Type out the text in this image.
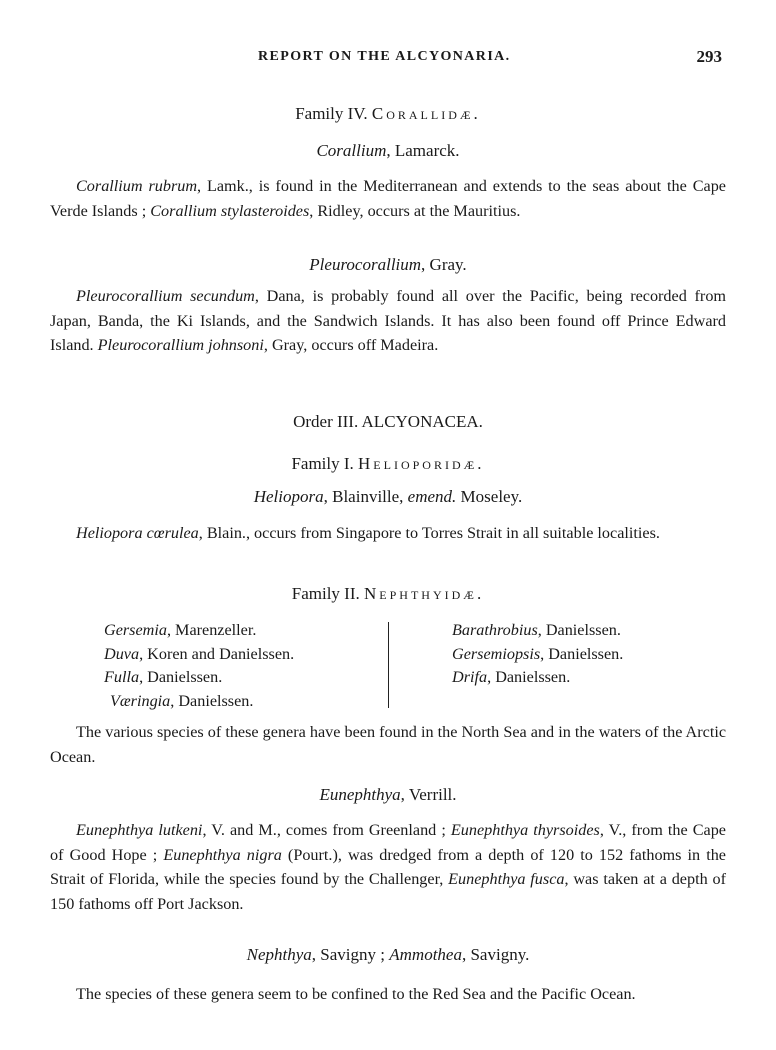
REPORT ON THE ALCYONARIA.	293
Family IV. Corallidæ.
Corallium, Lamarck.

Corallium rubrum, Lamk., is found in the Mediterranean and extends to the seas about the Cape Verde Islands ; Corallium stylasteroides, Ridley, occurs at the Mauritius.

Pleurocorallium, Gray.

Pleurocorallium secundum, Dana, is probably found all over the Pacific, being recorded from Japan, Banda, the Ki Islands, and the Sandwich Islands. It has also been found off Prince Edward Island. Pleurocorallium johnsoni, Gray, occurs off Madeira.

Order III. ALCYONACEA.
Family I. Helioporidæ.
Heliopora, Blainville, emend. Moseley.

Heliopora cœrulea, Blain., occurs from Singapore to Torres Strait in all suitable localities.

Family II. Nephthyidæ.
Gersemia, Marenzeller.
Duva, Koren and Danielssen.
Fulla, Danielssen.
Væringia, Danielssen.
Barathrobius, Danielssen.
Gersemiopsis, Danielssen.
Drifa, Danielssen.

The various species of these genera have been found in the North Sea and in the waters of the Arctic Ocean.

Eunephthya, Verrill.

Eunephthya lutkeni, V. and M., comes from Greenland ; Eunephthya thyrsoides, V., from the Cape of Good Hope ; Eunephthya nigra (Pourt.), was dredged from a depth of 120 to 152 fathoms in the Strait of Florida, while the species found by the Challenger, Eunephthya fusca, was taken at a depth of 150 fathoms off Port Jackson.

Nephthya, Savigny ; Ammothea, Savigny.

The species of these genera seem to be confined to the Red Sea and the Pacific Ocean.
